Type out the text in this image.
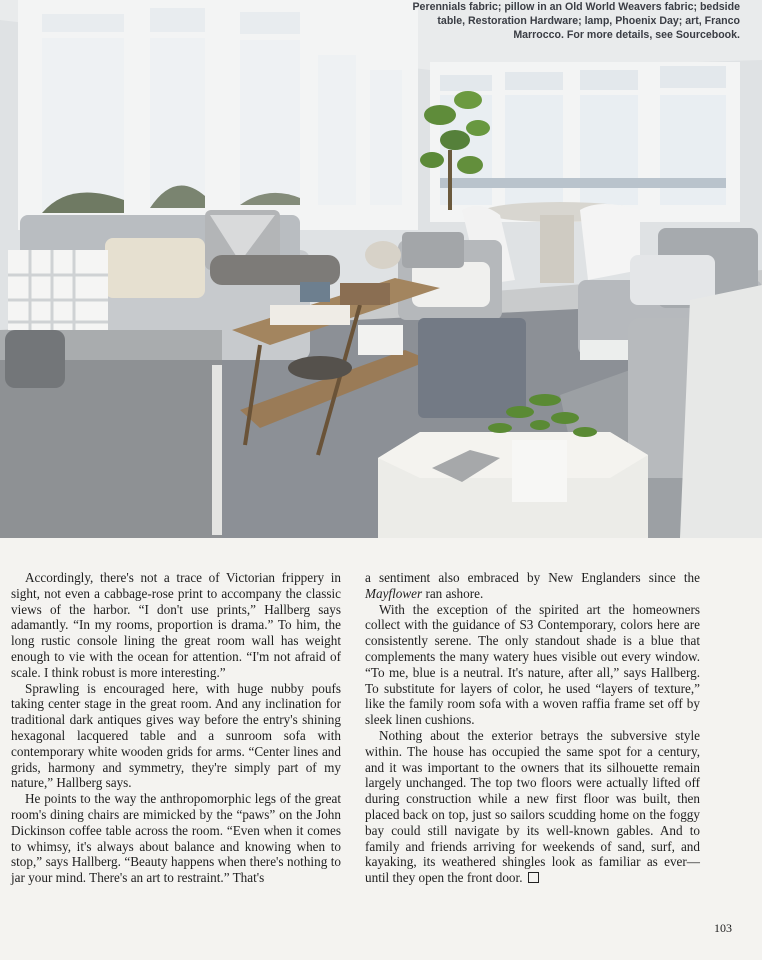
Perennials fabric; pillow in an Old World Weavers fabric; bedside table, Restoration Hardware; lamp, Phoenix Day; art, Franco Marrocco. For more details, see Sourcebook.

Accordingly, there's not a trace of Victorian frippery in sight, not even a cabbage-rose print to accompany the classic views of the harbor. “I don't use prints,” Hallberg says adamantly. “In my rooms, proportion is drama.” To him, the long rustic console lining the great room wall has weight enough to vie with the ocean for attention. “I'm not afraid of scale. I think robust is more interesting.”

Sprawling is encouraged here, with huge nubby poufs taking center stage in the great room. And any inclination for traditional dark antiques gives way before the entry's shining hexagonal lacquered table and a sunroom sofa with contemporary white wooden grids for arms. “Center lines and grids, harmony and symmetry, they're simply part of my nature,” Hallberg says.

He points to the way the anthropomorphic legs of the great room's dining chairs are mimicked by the “paws” on the John Dickinson coffee table across the room. “Even when it comes to whimsy, it's always about balance and knowing when to stop,” says Hallberg. “Beauty happens when there's nothing to jar your mind. There's an art to restraint.” That's

a sentiment also embraced by New Englanders since the Mayflower ran ashore.

With the exception of the spirited art the homeowners collect with the guidance of S3 Contemporary, colors here are consistently serene. The only standout shade is a blue that complements the many watery hues visible out every window. “To me, blue is a neutral. It's nature, after all,” says Hallberg. To substitute for layers of color, he used “layers of texture,” like the family room sofa with a woven raffia frame set off by sleek linen cushions.

Nothing about the exterior betrays the subversive style within. The house has occupied the same spot for a century, and it was important to the owners that its silhouette remain largely unchanged. The top two floors were actually lifted off during construction while a new first floor was built, then placed back on top, just so sailors scudding home on the foggy bay could still navigate by its well-known gables. And to family and friends arriving for weekends of sand, surf, and kayaking, its weathered shingles look as familiar as ever—until they open the front door.

103
